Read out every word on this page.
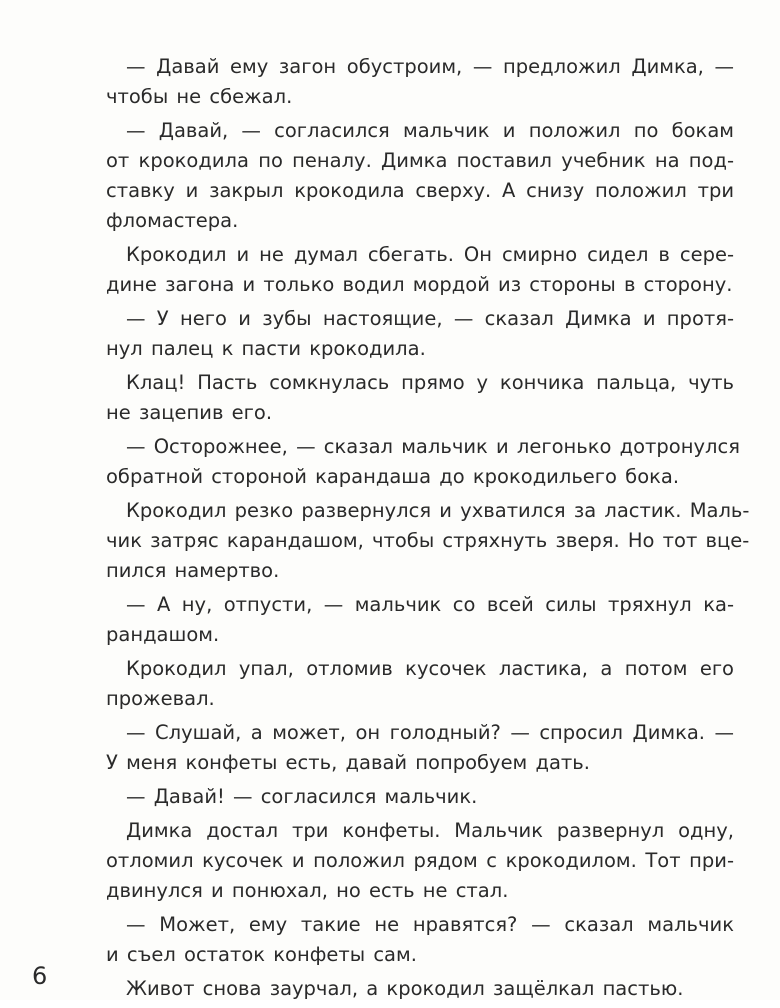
— Давай ему загон обустроим, — предложил Димка, —
чтобы не сбежал.
— Давай, — согласился мальчик и положил по бокам
от крокодила по пеналу. Димка поставил учебник на под-
ставку и закрыл крокодила сверху. А снизу положил три
фломастера.
Крокодил и не думал сбегать. Он смирно сидел в сере-
дине загона и только водил мордой из стороны в сторону.
— У него и зубы настоящие, — сказал Димка и протя-
нул палец к пасти крокодила.
Клац! Пасть сомкнулась прямо у кончика пальца, чуть
не зацепив его.
— Осторожнее, — сказал мальчик и легонько дотронулся
обратной стороной карандаша до крокодильего бока.
Крокодил резко развернулся и ухватился за ластик. Маль-
чик затряс карандашом, чтобы стряхнуть зверя. Но тот вце-
пился намертво.
— А ну, отпусти, — мальчик со всей силы тряхнул ка-
рандашом.
Крокодил упал, отломив кусочек ластика, а потом его
прожевал.
— Слушай, а может, он голодный? — спросил Димка. —
У меня конфеты есть, давай попробуем дать.
— Давай! — согласился мальчик.
Димка достал три конфеты. Мальчик развернул одну,
отломил кусочек и положил рядом с крокодилом. Тот при-
двинулся и понюхал, но есть не стал.
— Может, ему такие не нравятся? — сказал мальчик
и съел остаток конфеты сам.
Живот снова заурчал, а крокодил защёлкал пастью.
6
